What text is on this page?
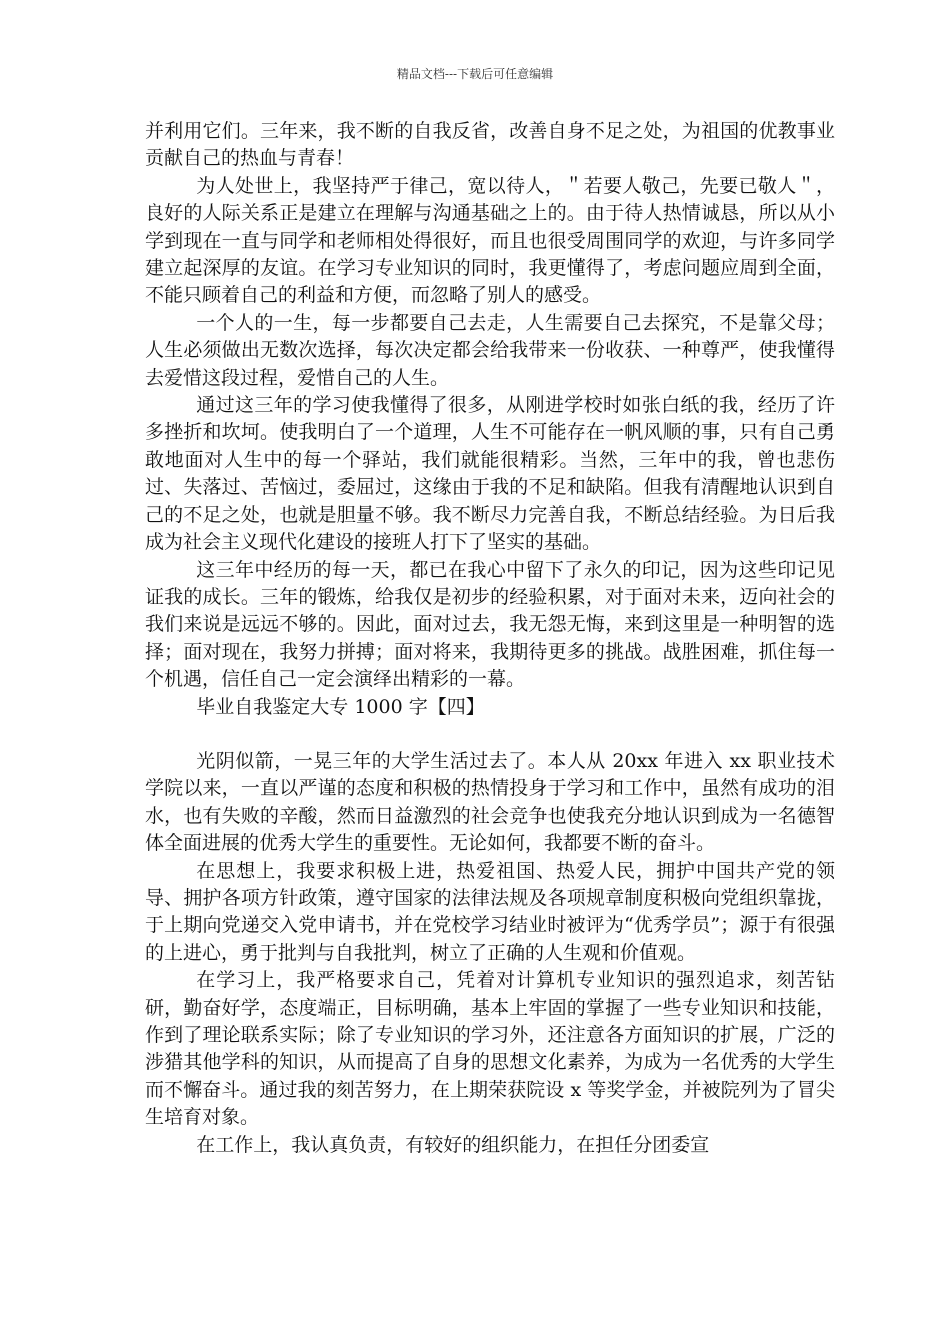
精品文档---下载后可任意编辑

并利用它们。三年来，我不断的自我反省，改善自身不足之处，为祖国的优教事业贡献自己的热血与青春！

为人处世上，我坚持严于律己，宽以待人，＂若要人敬己，先要已敬人＂，良好的人际关系正是建立在理解与沟通基础之上的。由于待人热情诚恳，所以从小学到现在一直与同学和老师相处得很好，而且也很受周围同学的欢迎，与许多同学建立起深厚的友谊。在学习专业知识的同时，我更懂得了，考虑问题应周到全面，不能只顾着自己的利益和方便，而忽略了别人的感受。

一个人的一生，每一步都要自己去走，人生需要自己去探究，不是靠父母；人生必须做出无数次选择，每次决定都会给我带来一份收获、一种尊严，使我懂得去爱惜这段过程，爱惜自己的人生。

通过这三年的学习使我懂得了很多，从刚进学校时如张白纸的我，经历了许多挫折和坎坷。使我明白了一个道理，人生不可能存在一帆风顺的事，只有自己勇敢地面对人生中的每一个驿站，我们就能很精彩。当然，三年中的我，曾也悲伤过、失落过、苦恼过，委屈过，这缘由于我的不足和缺陷。但我有清醒地认识到自己的不足之处，也就是胆量不够。我不断尽力完善自我，不断总结经验。为日后我成为社会主义现代化建设的接班人打下了坚实的基础。

这三年中经历的每一天，都已在我心中留下了永久的印记，因为这些印记见证我的成长。三年的锻炼，给我仅是初步的经验积累，对于面对未来，迈向社会的我们来说是远远不够的。因此，面对过去，我无怨无悔，来到这里是一种明智的选择；面对现在，我努力拼搏；面对将来，我期待更多的挑战。战胜困难，抓住每一个机遇，信任自己一定会演绎出精彩的一幕。

毕业自我鉴定大专 1000 字【四】

光阴似箭，一晃三年的大学生活过去了。本人从 20xx 年进入 xx 职业技术学院以来，一直以严谨的态度和积极的热情投身于学习和工作中，虽然有成功的泪水，也有失败的辛酸，然而日益激烈的社会竞争也使我充分地认识到成为一名德智体全面进展的优秀大学生的重要性。无论如何，我都要不断的奋斗。

在思想上，我要求积极上进，热爱祖国、热爱人民，拥护中国共产党的领导、拥护各项方针政策，遵守国家的法律法规及各项规章制度积极向党组织靠拢，于上期向党递交入党申请书，并在党校学习结业时被评为“优秀学员”；源于有很强的上进心，勇于批判与自我批判，树立了正确的人生观和价值观。

在学习上，我严格要求自己，凭着对计算机专业知识的强烈追求，刻苦钻研，勤奋好学，态度端正，目标明确，基本上牢固的掌握了一些专业知识和技能，作到了理论联系实际；除了专业知识的学习外，还注意各方面知识的扩展，广泛的涉猎其他学科的知识，从而提高了自身的思想文化素养，为成为一名优秀的大学生而不懈奋斗。通过我的刻苦努力，在上期荣获院设 x 等奖学金，并被院列为了冒尖生培育对象。

在工作上，我认真负责，有较好的组织能力，在担任分团委宣
